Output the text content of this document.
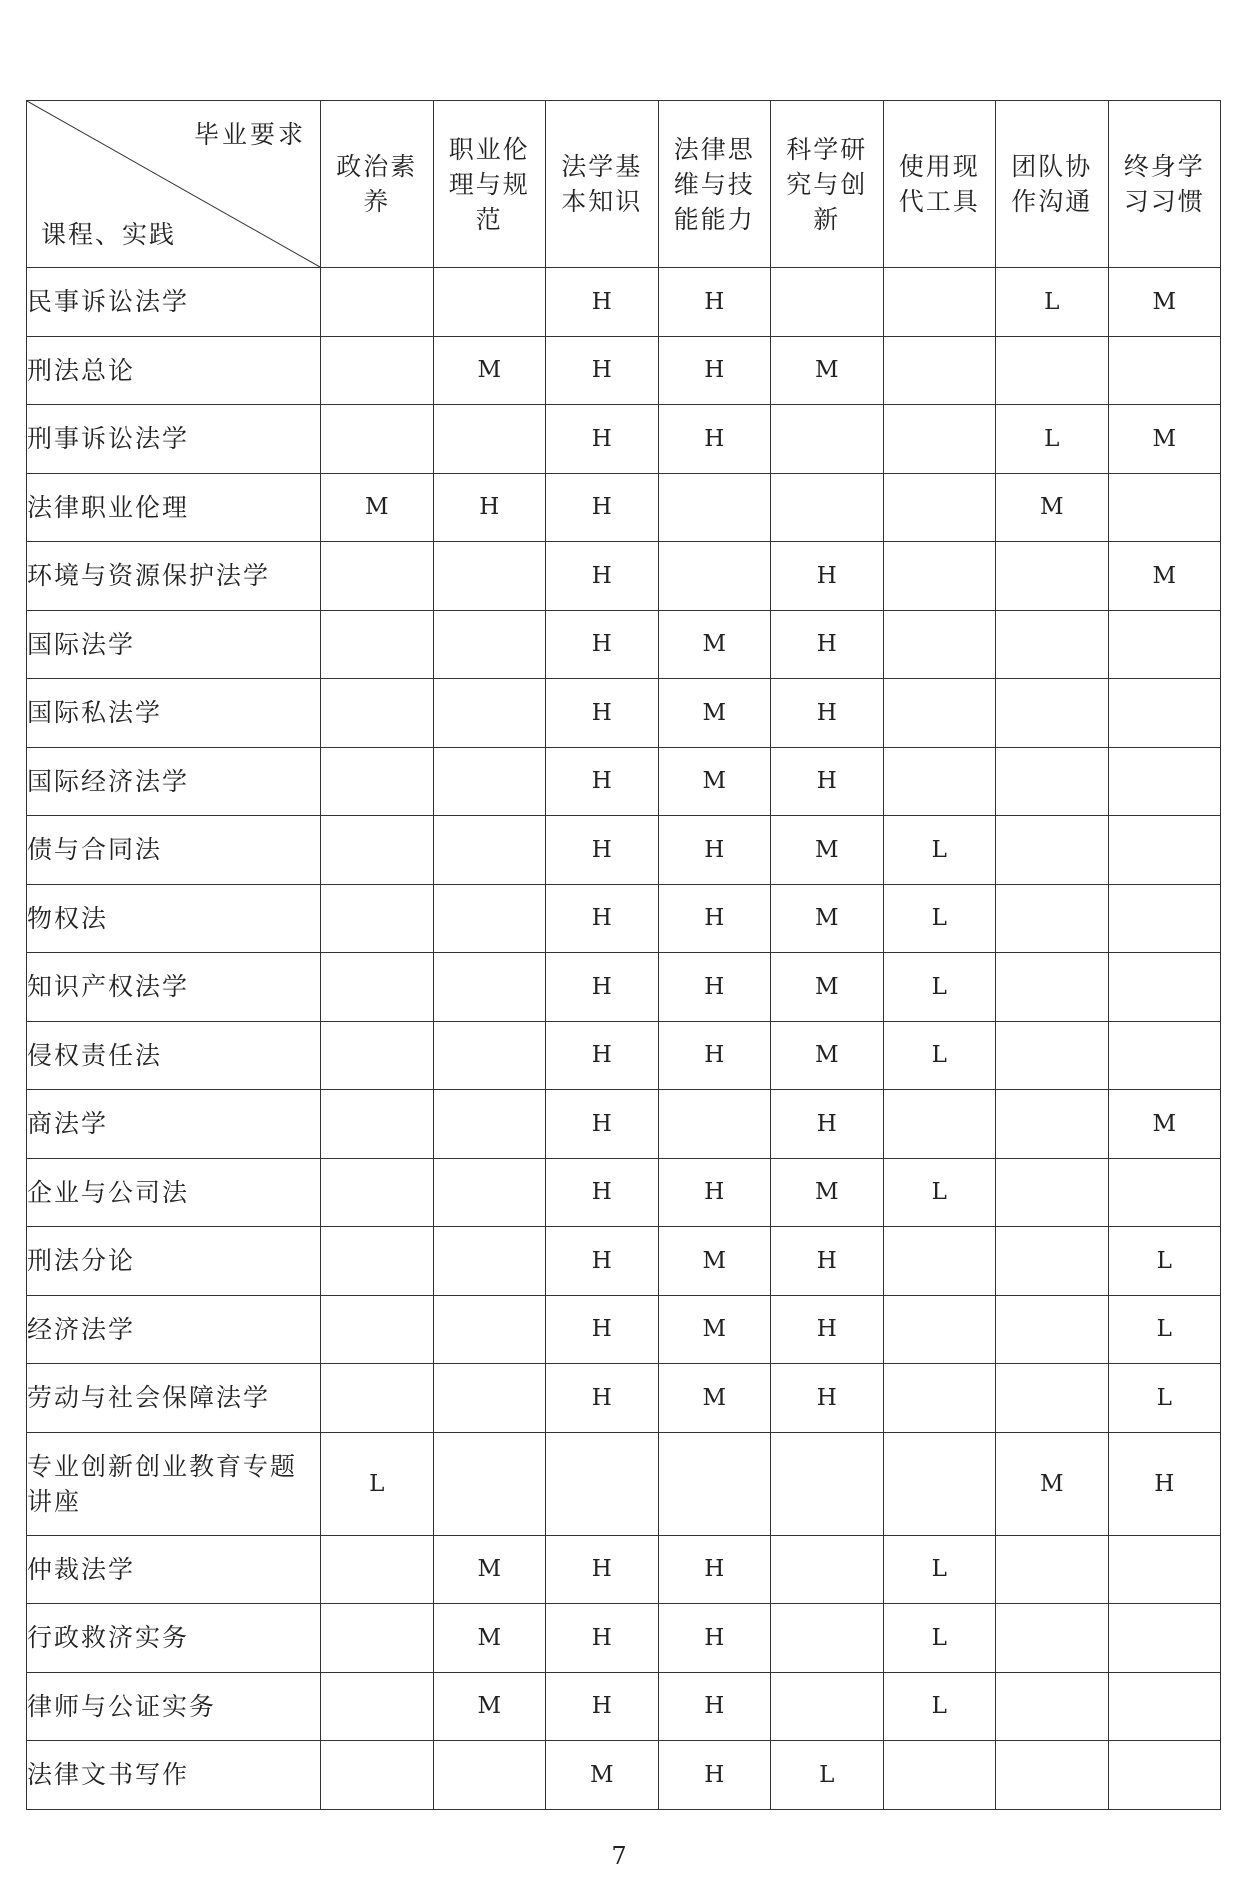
毕业要求
课程、实践	政治素养	职业伦理与规范	法学基本知识	法律思维与技能能力	科学研究与创新	使用现代工具	团队协作沟通	终身学习习惯
民事诉讼法学			H	H			L	M
刑法总论		M	H	H	M			
刑事诉讼法学			H	H			L	M
法律职业伦理	M	H	H				M	
环境与资源保护法学			H		H			M
国际法学			H	M	H			
国际私法学			H	M	H			
国际经济法学			H	M	H			
债与合同法			H	H	M	L		
物权法			H	H	M	L		
知识产权法学			H	H	M	L		
侵权责任法			H	H	M	L		
商法学			H		H			M
企业与公司法			H	H	M	L		
刑法分论			H	M	H			L
经济法学			H	M	H			L
劳动与社会保障法学			H	M	H			L
专业创新创业教育专题讲座	L						M	H
仲裁法学		M	H	H		L		
行政救济实务		M	H	H		L		
律师与公证实务		M	H	H		L		
法律文书写作			M	H	L			
7
